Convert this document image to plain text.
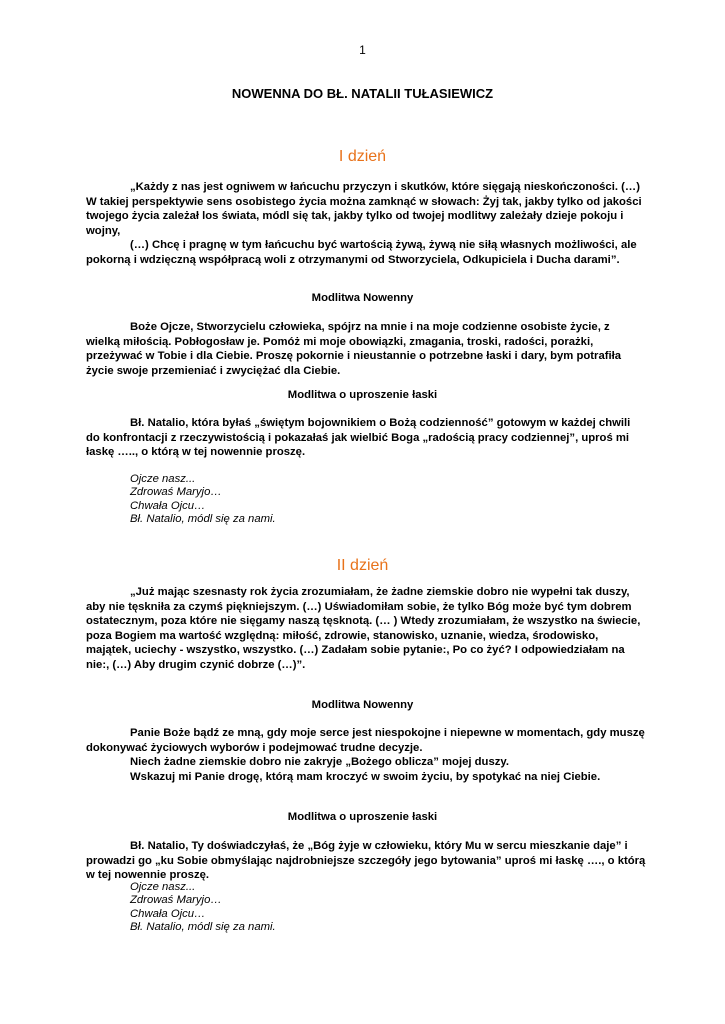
1
NOWENNA DO BŁ. NATALII TUŁASIEWICZ
I dzień

„Każdy z nas jest ogniwem w łańcuchu przyczyn i skutków, które sięgają nieskończoności. (…) W takiej perspektywie sens osobistego życia można zamknąć w słowach: Żyj tak, jakby tylko od jakości twojego życia zależał los świata, módl się tak, jakby tylko od twojej modlitwy zależały dzieje pokoju i wojny,

(…) Chcę i pragnę w tym łańcuchu być wartością żywą, żywą nie siłą własnych możliwości, ale pokorną i wdzięczną współpracą woli z otrzymanymi od Stworzyciela, Odkupiciela i Ducha darami”.

Modlitwa Nowenny

Boże Ojcze, Stworzycielu człowieka, spójrz na mnie i na moje codzienne osobiste życie, z wielką miłością. Pobłogosław je. Pomóż mi moje obowiązki, zmagania, troski, radości, porażki, przeżywać w Tobie i dla Ciebie. Proszę pokornie i nieustannie o potrzebne łaski i dary, bym potrafiła życie swoje przemieniać i zwyciężać dla Ciebie.

Modlitwa o uproszenie łaski

Bł. Natalio, która byłaś „świętym bojownikiem o Bożą codzienność” gotowym w każdej chwili do konfrontacji z rzeczywistością i pokazałaś jak wielbić Boga „radością pracy codziennej”, uproś mi łaskę ….., o którą w tej nowennie proszę.

Ojcze nasz...
Zdrowaś Maryjo…
Chwała Ojcu…
Bł. Natalio, módl się za nami.
II dzień

„Już mając szesnasty rok życia zrozumiałam, że żadne ziemskie dobro nie wypełni tak duszy, aby nie tęskniła za czymś piękniejszym. (…) Uświadomiłam sobie, że tylko Bóg może być tym dobrem ostatecznym, poza które nie sięgamy naszą tęsknotą. (… ) Wtedy zrozumiałam, że wszystko na świecie, poza Bogiem ma wartość względną: miłość, zdrowie, stanowisko, uznanie, wiedza, środowisko, majątek, uciechy - wszystko, wszystko. (…) Zadałam sobie pytanie:, Po co żyć? I odpowiedziałam na nie:, (…) Aby drugim czynić dobrze (…)”.

Modlitwa Nowenny

Panie Boże bądź ze mną, gdy moje serce jest niespokojne i niepewne w momentach, gdy muszę dokonywać życiowych wyborów i podejmować trudne decyzje.

Niech żadne ziemskie dobro nie zakryje „Bożego oblicza” mojej duszy.

Wskazuj mi Panie drogę, którą mam kroczyć w swoim życiu, by spotykać na niej Ciebie.

Modlitwa o uproszenie łaski

Bł. Natalio, Ty doświadczyłaś, że „Bóg żyje w człowieku, który Mu w sercu mieszkanie daje” i prowadzi go „ku Sobie obmyślając najdrobniejsze szczegóły jego bytowania” uproś mi łaskę …., o którą w tej nowennie proszę.

Ojcze nasz...
Zdrowaś Maryjo…
Chwała Ojcu…
Bł. Natalio, módl się za nami.
